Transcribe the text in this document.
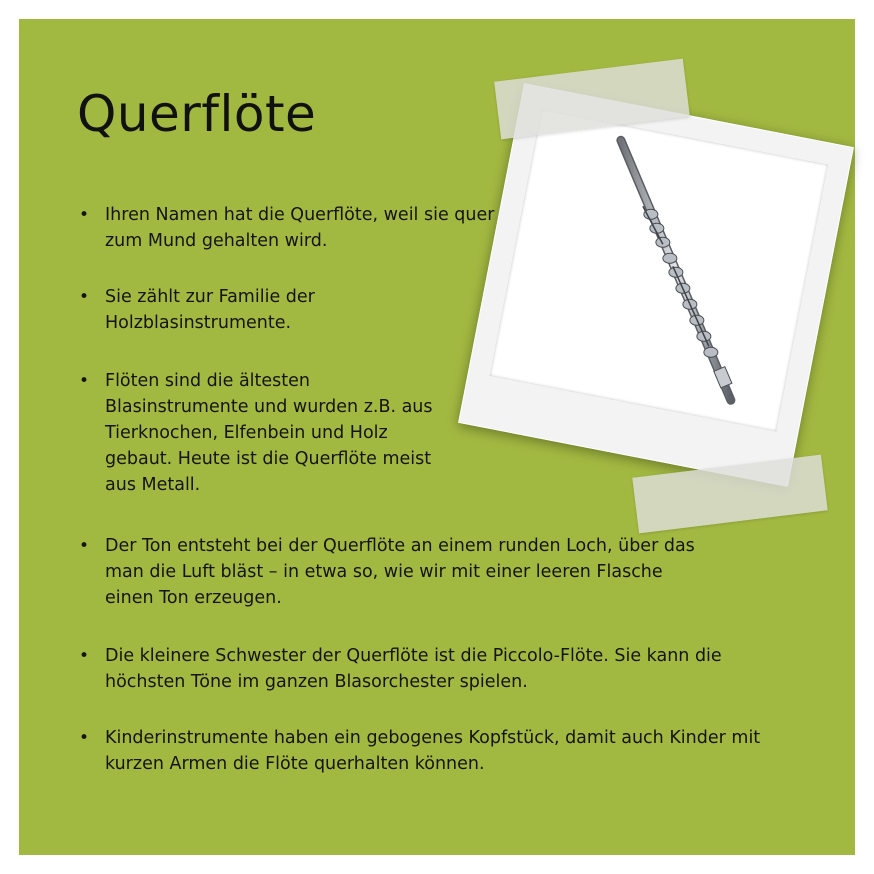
Querflöte
• Ihren Namen hat die Querflöte, weil sie quer zum Mund gehalten wird.
• Sie zählt zur Familie der Holzblasinstrumente.
• Flöten sind die ältesten Blasinstrumente und wurden z.B. aus Tierknochen, Elfenbein und Holz gebaut. Heute ist die Querflöte meist aus Metall.
• Der Ton entsteht bei der Querflöte an einem runden Loch, über das man die Luft bläst – in etwa so, wie wir mit einer leeren Flasche einen Ton erzeugen.
• Die kleinere Schwester der Querflöte ist die Piccolo-Flöte. Sie kann die höchsten Töne im ganzen Blasorchester spielen.
• Kinderinstrumente haben ein gebogenes Kopfstück, damit auch Kinder mit kurzen Armen die Flöte querhalten können.
